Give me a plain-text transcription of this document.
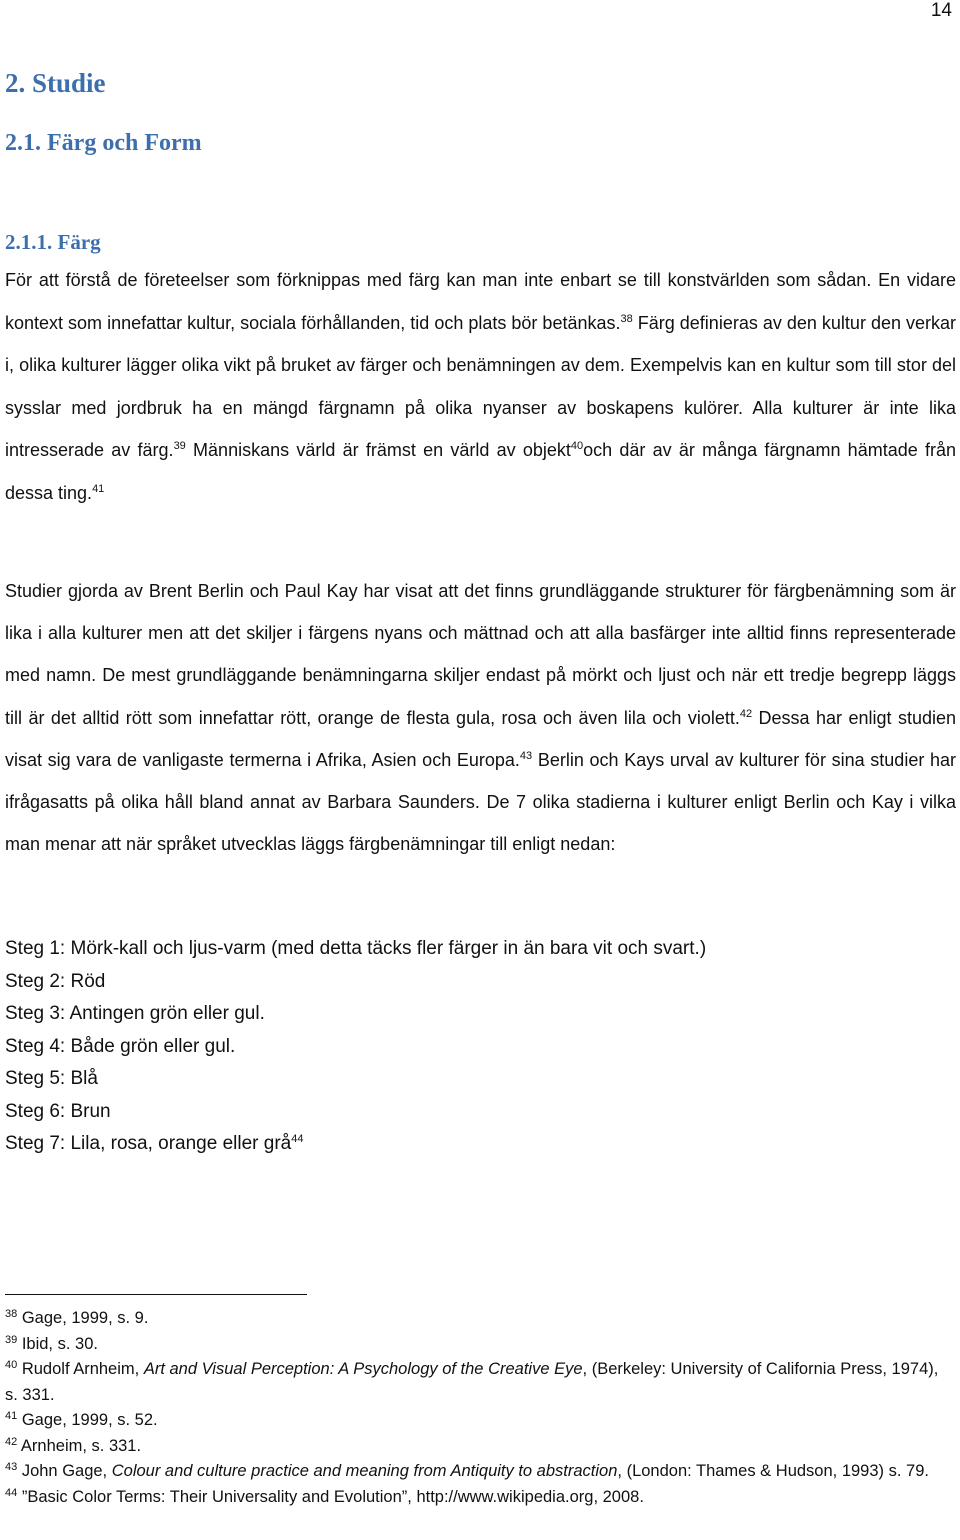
14
2. Studie
2.1. Färg och Form
2.1.1. Färg

För att förstå de företeelser som förknippas med färg kan man inte enbart se till konstvärlden som sådan. En vidare kontext som innefattar kultur, sociala förhållanden, tid och plats bör betänkas.$^{38}$ Färg definieras av den kultur den verkar i, olika kulturer lägger olika vikt på bruket av färger och benämningen av dem. Exempelvis kan en kultur som till stor del sysslar med jordbruk ha en mängd färgnamn på olika nyanser av boskapens kulörer. Alla kulturer är inte lika intresserade av färg.$^{39}$ Människans värld är främst en värld av objekt$^{40}$och där av är många färgnamn hämtade från dessa ting.$^{41}$

Studier gjorda av Brent Berlin och Paul Kay har visat att det finns grundläggande strukturer för färgbenämning som är lika i alla kulturer men att det skiljer i färgens nyans och mättnad och att alla basfärger inte alltid finns representerade med namn. De mest grundläggande benämningarna skiljer endast på mörkt och ljust och när ett tredje begrepp läggs till är det alltid rött som innefattar rött, orange de flesta gula, rosa och även lila och violett.$^{42}$ Dessa har enligt studien visat sig vara de vanligaste termerna i Afrika, Asien och Europa.$^{43}$ Berlin och Kays urval av kulturer för sina studier har ifrågasatts på olika håll bland annat av Barbara Saunders. De 7 olika stadierna i kulturer enligt Berlin och Kay i vilka man menar att när språket utvecklas läggs färgbenämningar till enligt nedan:

Steg 1: Mörk-kall och ljus-varm (med detta täcks fler färger in än bara vit och svart.)
Steg 2: Röd
Steg 3: Antingen grön eller gul.
Steg 4: Både grön eller gul.
Steg 5: Blå
Steg 6: Brun
Steg 7: Lila, rosa, orange eller grå$^{44}$
$^{38}$ Gage, 1999, s. 9.
$^{39}$ Ibid, s. 30.
$^{40}$ Rudolf Arnheim, Art and Visual Perception: A Psychology of the Creative Eye, (Berkeley: University of California Press, 1974), s. 331.
$^{41}$ Gage, 1999, s. 52.
$^{42}$ Arnheim, s. 331.
$^{43}$ John Gage, Colour and culture practice and meaning from Antiquity to abstraction, (London: Thames & Hudson, 1993) s. 79.
$^{44}$ ”Basic Color Terms: Their Universality and Evolution”, http://www.wikipedia.org, 2008.
